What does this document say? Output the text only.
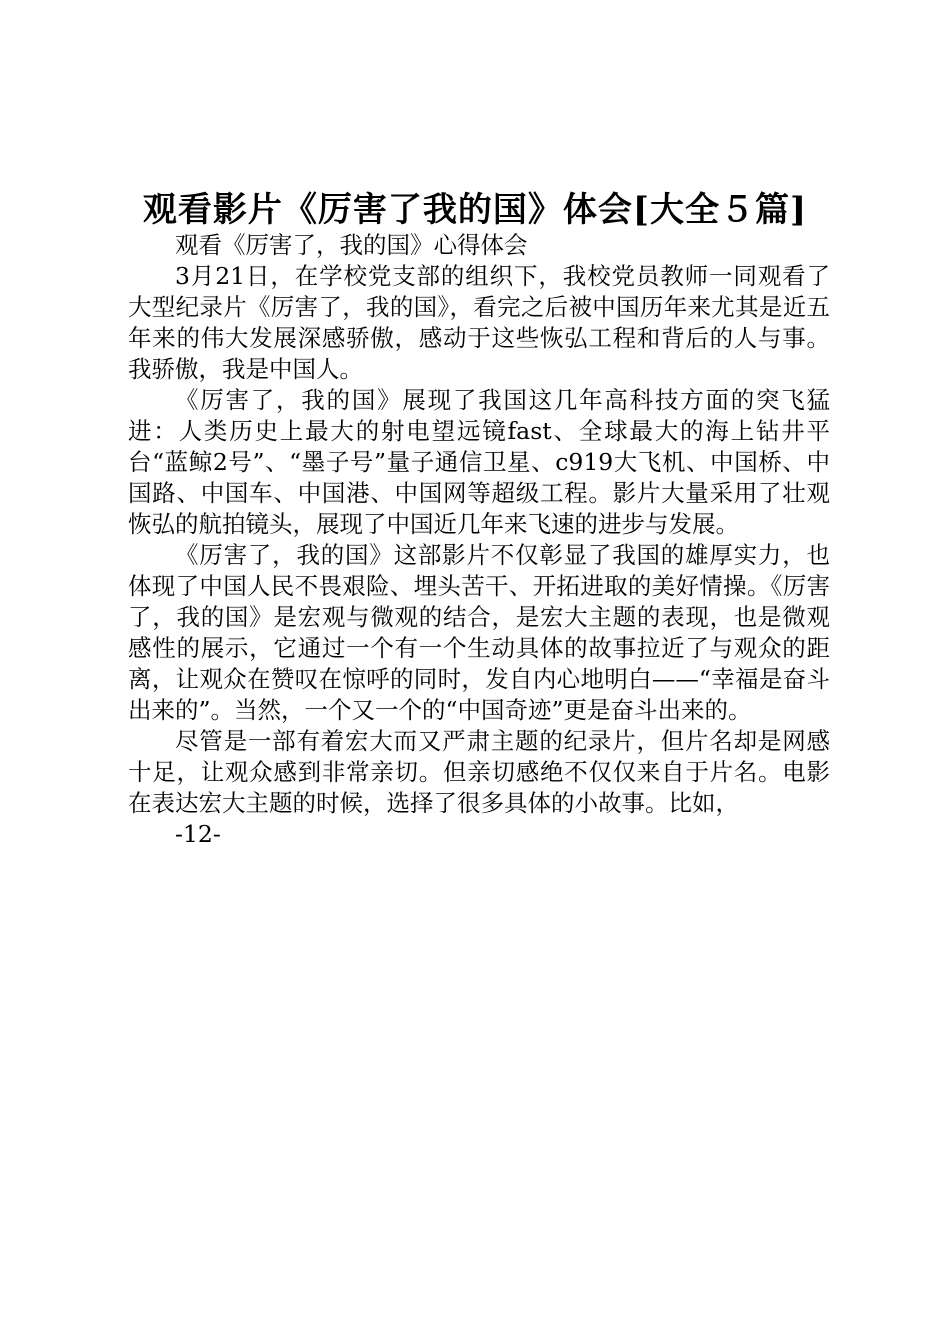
观看影片《厉害了我的国》体会[大全５篇]

观看《厉害了，我的国》心得体会

3月21日，在学校党支部的组织下，我校党员教师一同观看了大型纪录片《厉害了，我的国》，看完之后被中国历年来尤其是近五年来的伟大发展深感骄傲，感动于这些恢弘工程和背后的人与事。我骄傲，我是中国人。

《厉害了，我的国》展现了我国这几年高科技方面的突飞猛进：人类历史上最大的射电望远镜fast、全球最大的海上钻井平台“蓝鲸2号”、“墨子号”量子通信卫星、c919大飞机、中国桥、中国路、中国车、中国港、中国网等超级工程。影片大量采用了壮观恢弘的航拍镜头，展现了中国近几年来飞速的进步与发展。

《厉害了，我的国》这部影片不仅彰显了我国的雄厚实力，也体现了中国人民不畏艰险、埋头苦干、开拓进取的美好情操。《厉害了，我的国》是宏观与微观的结合，是宏大主题的表现，也是微观感性的展示，它通过一个有一个生动具体的故事拉近了与观众的距离，让观众在赞叹在惊呼的同时，发自内心地明白——“幸福是奋斗出来的”。当然，一个又一个的“中国奇迹”更是奋斗出来的。

尽管是一部有着宏大而又严肃主题的纪录片，但片名却是网感十足，让观众感到非常亲切。但亲切感绝不仅仅来自于片名。电影在表达宏大主题的时候，选择了很多具体的小故事。比如，

-12-
